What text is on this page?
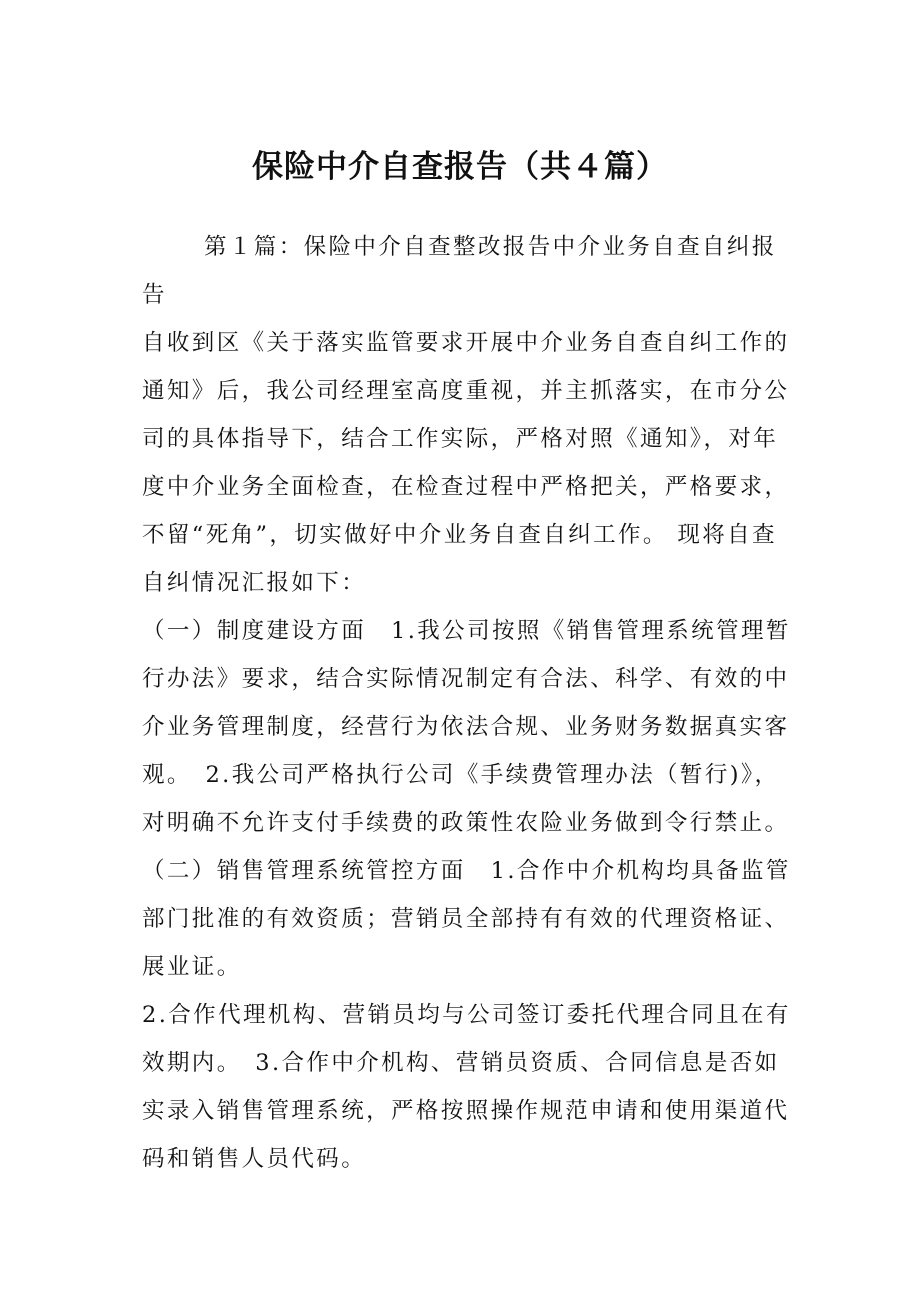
保险中介自查报告（共４篇）
第１篇：保险中介自查整改报告中介业务自查自纠报
告
自收到区《关于落实监管要求开展中介业务自查自纠工作的
通知》后，我公司经理室高度重视，并主抓落实，在市分公
司的具体指导下，结合工作实际，严格对照《通知》，对年
度中介业务全面检查，在检查过程中严格把关，严格要求，
不留“死角”，切实做好中介业务自查自纠工作。 现将自查
自纠情况汇报如下：
（一）制度建设方面　1.我公司按照《销售管理系统管理暂
行办法》要求，结合实际情况制定有合法、科学、有效的中
介业务管理制度，经营行为依法合规、业务财务数据真实客
观。　2.我公司严格执行公司《手续费管理办法（暂行)》，
对明确不允许支付手续费的政策性农险业务做到令行禁止。
（二）销售管理系统管控方面　1.合作中介机构均具备监管
部门批准的有效资质；营销员全部持有有效的代理资格证、
展业证。
2.合作代理机构、营销员均与公司签订委托代理合同且在有
效期内。　3.合作中介机构、营销员资质、合同信息是否如
实录入销售管理系统，严格按照操作规范申请和使用渠道代
码和销售人员代码。
